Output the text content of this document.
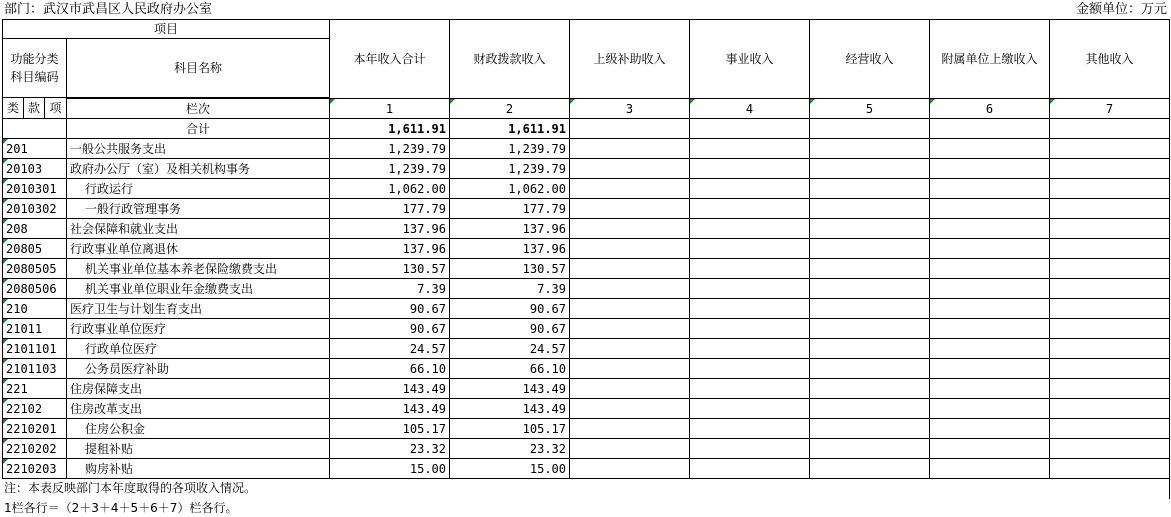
部门：武汉市武昌区人民政府办公室	金额单位：万元
项目				本年收入合计	财政拨款收入	上级补助收入	事业收入	经营收入	附属单位上缴收入	其他收入

功能分类
科目编码			科目名称							
类	款	项								
			栏次	1	2	3	4	5	6	7
			合计	1,611.91	1,611.91					
201			一般公共服务支出	1,239.79	1,239.79					
20103			政府办公厅（室）及相关机构事务	1,239.79	1,239.79					
2010301			行政运行	1,062.00	1,062.00					
2010302			一般行政管理事务	177.79	177.79					
208			社会保障和就业支出	137.96	137.96					
20805			行政事业单位离退休	137.96	137.96					
2080505			机关事业单位基本养老保险缴费支出	130.57	130.57					
2080506			机关事业单位职业年金缴费支出	7.39	7.39					
210			医疗卫生与计划生育支出	90.67	90.67					
21011			行政事业单位医疗	90.67	90.67					
2101101			行政单位医疗	24.57	24.57					
2101103			公务员医疗补助	66.10	66.10					
221			住房保障支出	143.49	143.49					
22102			住房改革支出	143.49	143.49					
2210201			住房公积金	105.17	105.17					
2210202			提租补贴	23.32	23.32					
2210203			购房补贴	15.00	15.00					
注：本表反映部门本年度取得的各项收入情况。
1栏各行＝（2＋3＋4＋5＋6＋7）栏各行。
